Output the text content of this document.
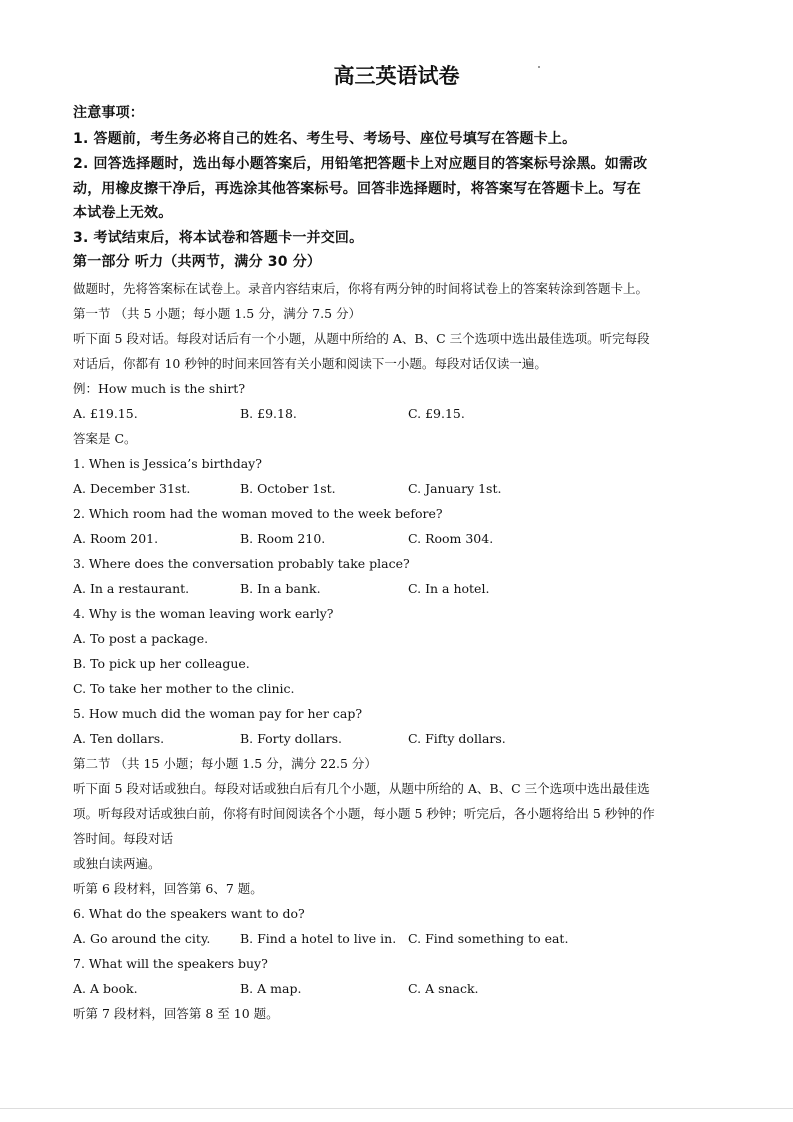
高三英语试卷
注意事项：
1. 答题前，考生务必将自己的姓名、考生号、考场号、座位号填写在答题卡上。
2. 回答选择题时，选出每小题答案后，用铅笔把答题卡上对应题目的答案标号涂黑。如需改
动，用橡皮擦干净后，再选涂其他答案标号。回答非选择题时，将答案写在答题卡上。写在
本试卷上无效。
3. 考试结束后，将本试卷和答题卡一并交回。
第一部分 听力（共两节，满分 30 分）
做题时，先将答案标在试卷上。录音内容结束后，你将有两分钟的时间将试卷上的答案转涂到答题卡上。
第一节 （共 5 小题；每小题 1.5 分，满分 7.5 分）
听下面 5 段对话。每段对话后有一个小题，从题中所给的 A、B、C 三个选项中选出最佳选项。听完每段
对话后，你都有 10 秒钟的时间来回答有关小题和阅读下一小题。每段对话仅读一遍。
例：How much is the shirt?
A. £19.15.	B. £9.18.	C. £9.15.
答案是 C。
1. When is Jessica’s birthday?
A. December 31st.	B. October 1st.	C. January 1st.
2. Which room had the woman moved to the week before?
A. Room 201.	B. Room 210.	C. Room 304.
3. Where does the conversation probably take place?
A. In a restaurant.	B. In a bank.	C. In a hotel.
4. Why is the woman leaving work early?
A. To post a package.
B. To pick up her colleague.
C. To take her mother to the clinic.
5. How much did the woman pay for her cap?
A. Ten dollars.	B. Forty dollars.	C. Fifty dollars.
第二节 （共 15 小题；每小题 1.5 分，满分 22.5 分）
听下面 5 段对话或独白。每段对话或独白后有几个小题，从题中所给的 A、B、C 三个选项中选出最佳选
项。听每段对话或独白前，你将有时间阅读各个小题，每小题 5 秒钟；听完后，各小题将给出 5 秒钟的作
答时间。每段对话
或独白读两遍。
听第 6 段材料，回答第 6、7 题。
6. What do the speakers want to do?
A. Go around the city. B. Find a hotel to live in. C. Find something to eat.
7. What will the speakers buy?
A. A book.	B. A map.	C. A snack.
听第 7 段材料，回答第 8 至 10 题。
